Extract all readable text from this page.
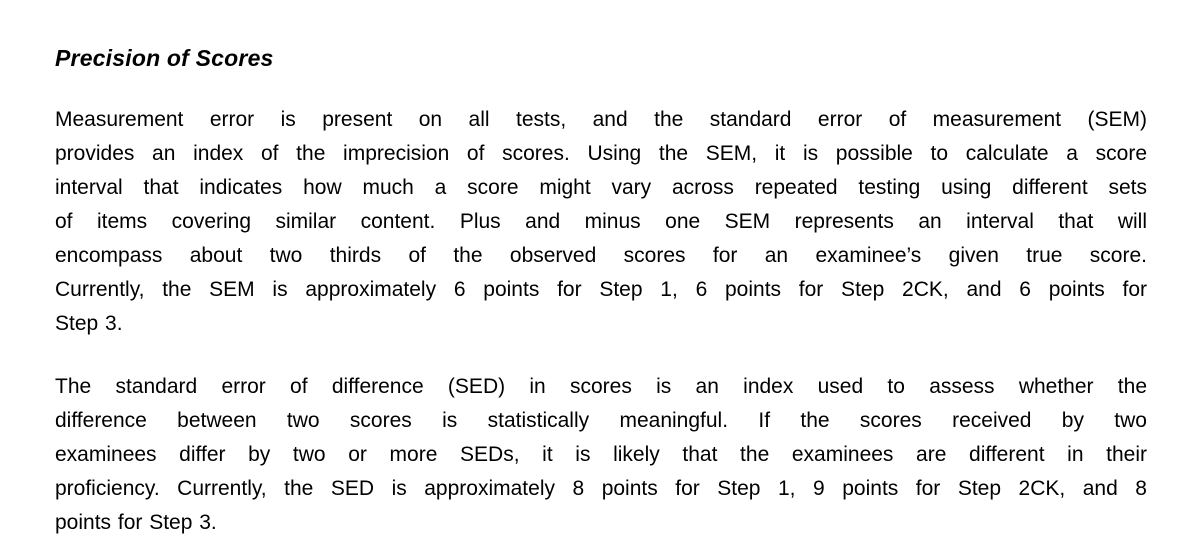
Precision of Scores
Measurement error is present on all tests, and the standard error of measurement (SEM)
provides an index of the imprecision of scores. Using the SEM, it is possible to calculate a score
interval that indicates how much a score might vary across repeated testing using different sets
of items covering similar content. Plus and minus one SEM represents an interval that will
encompass about two thirds of the observed scores for an examinee’s given true score.
Currently, the SEM is approximately 6 points for Step 1, 6 points for Step 2CK, and 6 points for
Step 3.
The standard error of difference (SED) in scores is an index used to assess whether the
difference between two scores is statistically meaningful. If the scores received by two
examinees differ by two or more SEDs, it is likely that the examinees are different in their
proficiency. Currently, the SED is approximately 8 points for Step 1, 9 points for Step 2CK, and 8
points for Step 3.
